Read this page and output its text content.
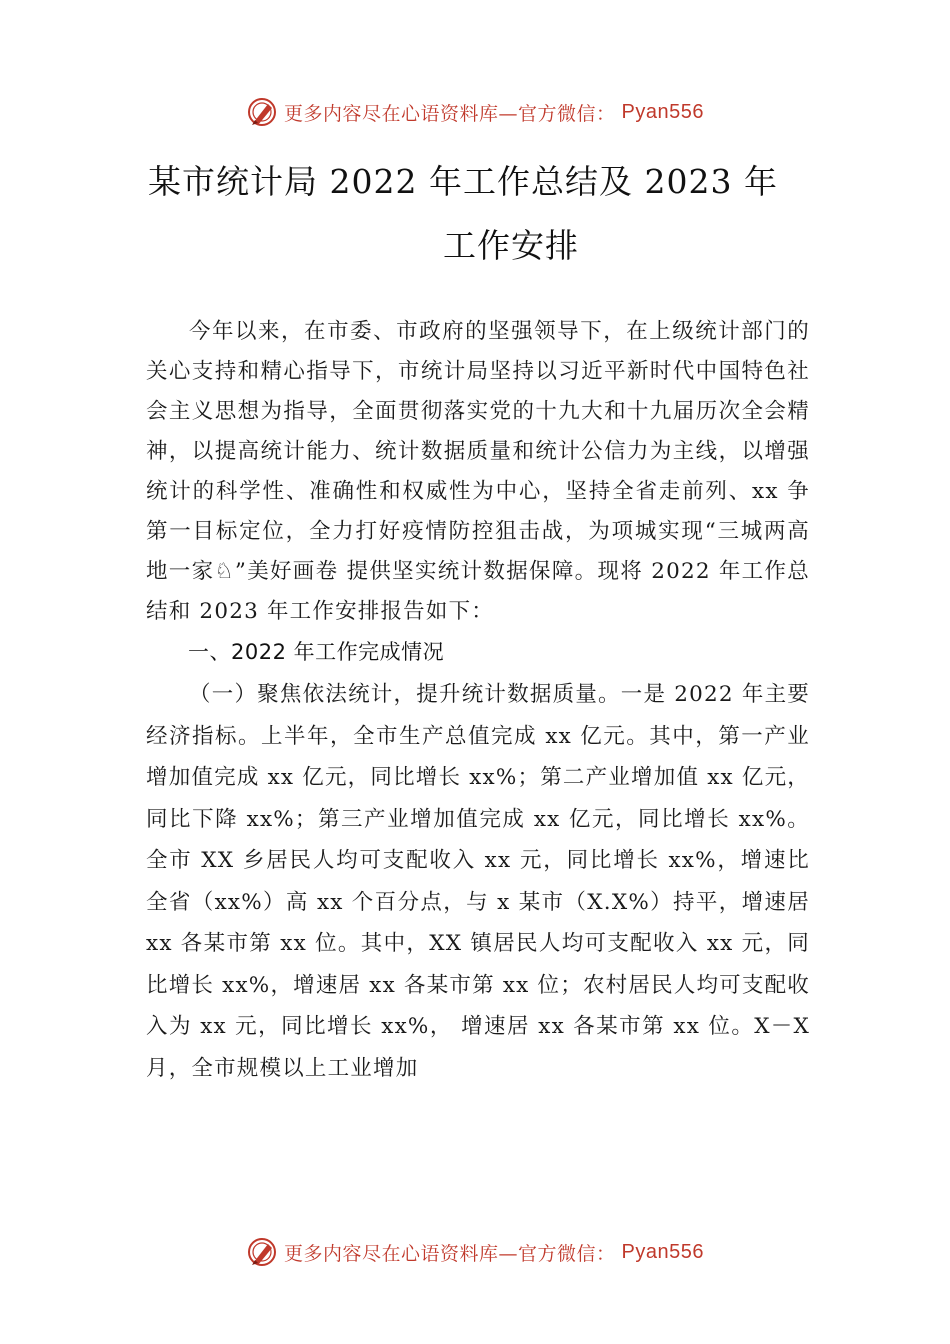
更多内容尽在心语资料库—官方微信： Pyan556
某市统计局 2022 年工作总结及 2023 年
工作安排

今年以来，在市委、市政府的坚强领导下，在上级统计部门的关心支持和精心指导下，市统计局坚持以习近平新时代中国特色社会主义思想为指导，全面贯彻落实党的十九大和十九届历次全会精神，以提高统计能力、统计数据质量和统计公信力为主线，以增强统计的科学性、准确性和权威性为中心，坚持全省走前列、xx 争第一目标定位，全力打好疫情防控狙击战，为项城实现“三城两高地一家♘”美好画卷 提供坚实统计数据保障。现将 2022 年工作总结和 2023 年工作安排报告如下：

一、2022 年工作完成情况

（一）聚焦依法统计，提升统计数据质量。一是 2022 年主要经济指标。上半年，全市生产总值完成 xx 亿元。其中，第一产业增加值完成 xx 亿元，同比增长 xx%；第二产业增加值 xx 亿元，同比下降 xx%；第三产业增加值完成 xx 亿元，同比增长 xx%。全市 XX 乡居民人均可支配收入 xx 元，同比增长 xx%，增速比全省（xx%）高 xx 个百分点，与 x 某市（X.X%）持平，增速居 xx 各某市第 xx 位。其中，XX 镇居民人均可支配收入 xx 元，同比增长 xx%，增速居 xx 各某市第 xx 位；农村居民人均可支配收入为 xx 元，同比增长 xx%， 增速居 xx 各某市第 xx 位。X－X 月，全市规模以上工业增加

更多内容尽在心语资料库—官方微信： Pyan556
